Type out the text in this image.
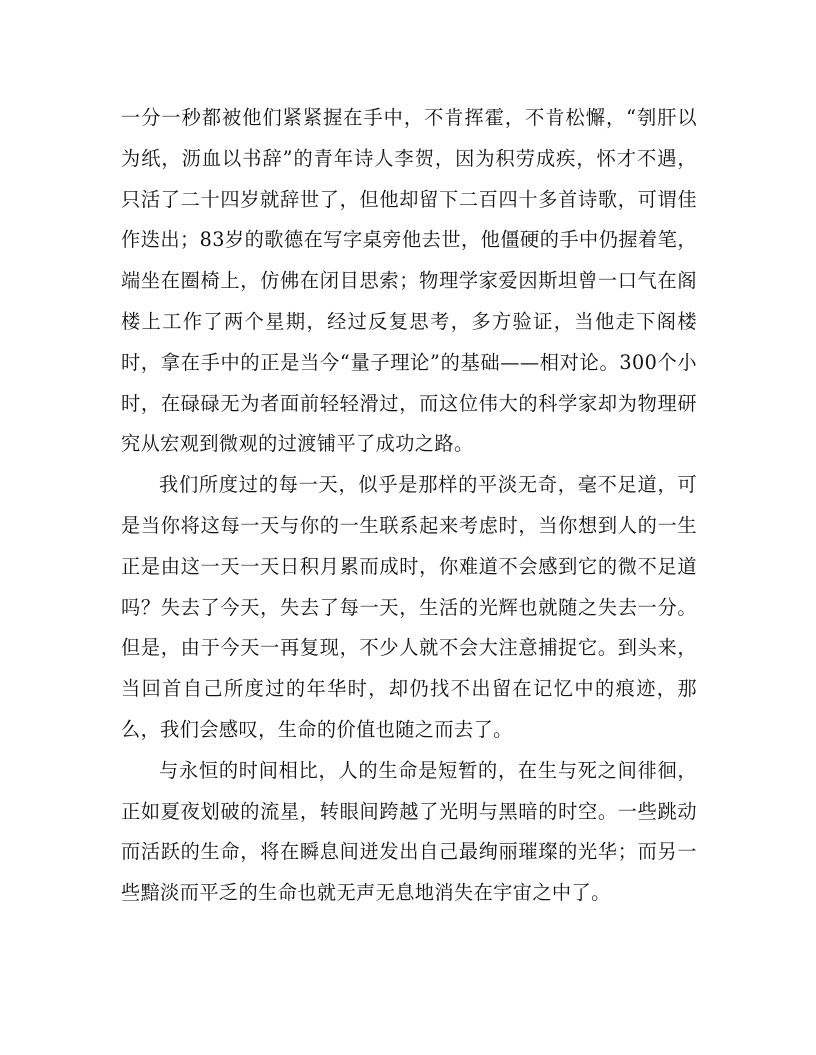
一分一秒都被他们紧紧握在手中，不肯挥霍，不肯松懈，“刳肝以为纸，沥血以书辞”的青年诗人李贺，因为积劳成疾，怀才不遇，只活了二十四岁就辞世了，但他却留下二百四十多首诗歌，可谓佳作迭出；83岁的歌德在写字桌旁他去世，他僵硬的手中仍握着笔，端坐在圈椅上，仿佛在闭目思索；物理学家爱因斯坦曾一口气在阁楼上工作了两个星期，经过反复思考，多方验证，当他走下阁楼时，拿在手中的正是当今“量子理论”的基础——相对论。300个小时，在碌碌无为者面前轻轻滑过，而这位伟大的科学家却为物理研究从宏观到微观的过渡铺平了成功之路。

我们所度过的每一天，似乎是那样的平淡无奇，毫不足道，可是当你将这每一天与你的一生联系起来考虑时，当你想到人的一生正是由这一天一天日积月累而成时，你难道不会感到它的微不足道吗？失去了今天，失去了每一天，生活的光辉也就随之失去一分。但是，由于今天一再复现，不少人就不会大注意捕捉它。到头来，当回首自己所度过的年华时，却仍找不出留在记忆中的痕迹，那么，我们会感叹，生命的价值也随之而去了。

与永恒的时间相比，人的生命是短暂的，在生与死之间徘徊，正如夏夜划破的流星，转眼间跨越了光明与黑暗的时空。一些跳动而活跃的生命，将在瞬息间迸发出自己最绚丽璀璨的光华；而另一些黯淡而平乏的生命也就无声无息地消失在宇宙之中了。
